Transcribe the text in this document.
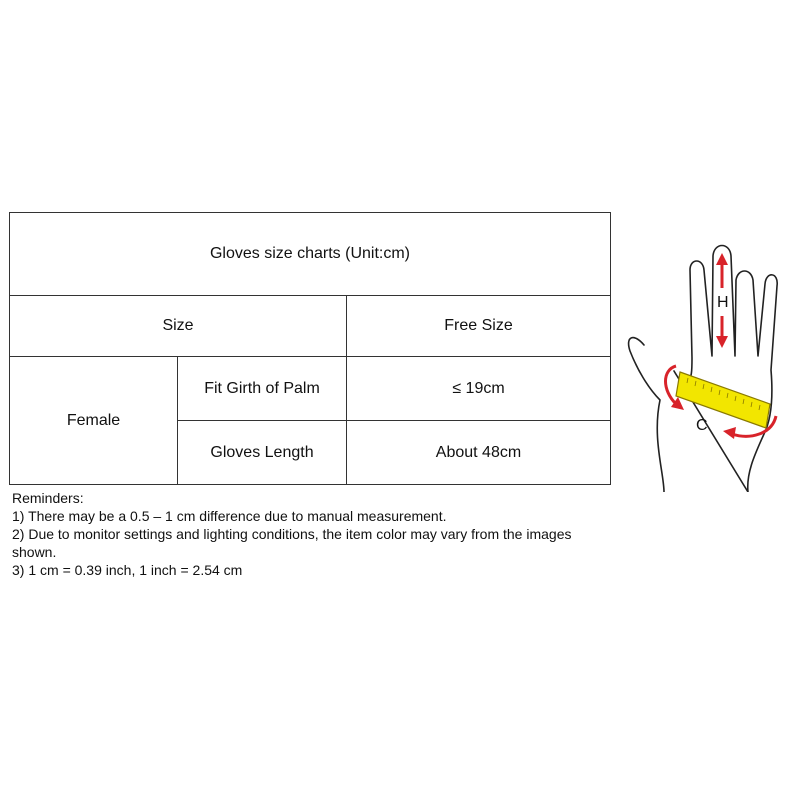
Gloves size charts (Unit:cm)		
Size		Free Size
Female	Fit Girth of Palm	≤ 19cm
	Gloves Length	About 48cm
Reminders:
1) There may be a 0.5 – 1 cm difference due to manual measurement.
2) Due to monitor settings and lighting conditions, the item color may vary from the images shown.
3) 1 cm = 0.39 inch, 1 inch = 2.54 cm
H
C
